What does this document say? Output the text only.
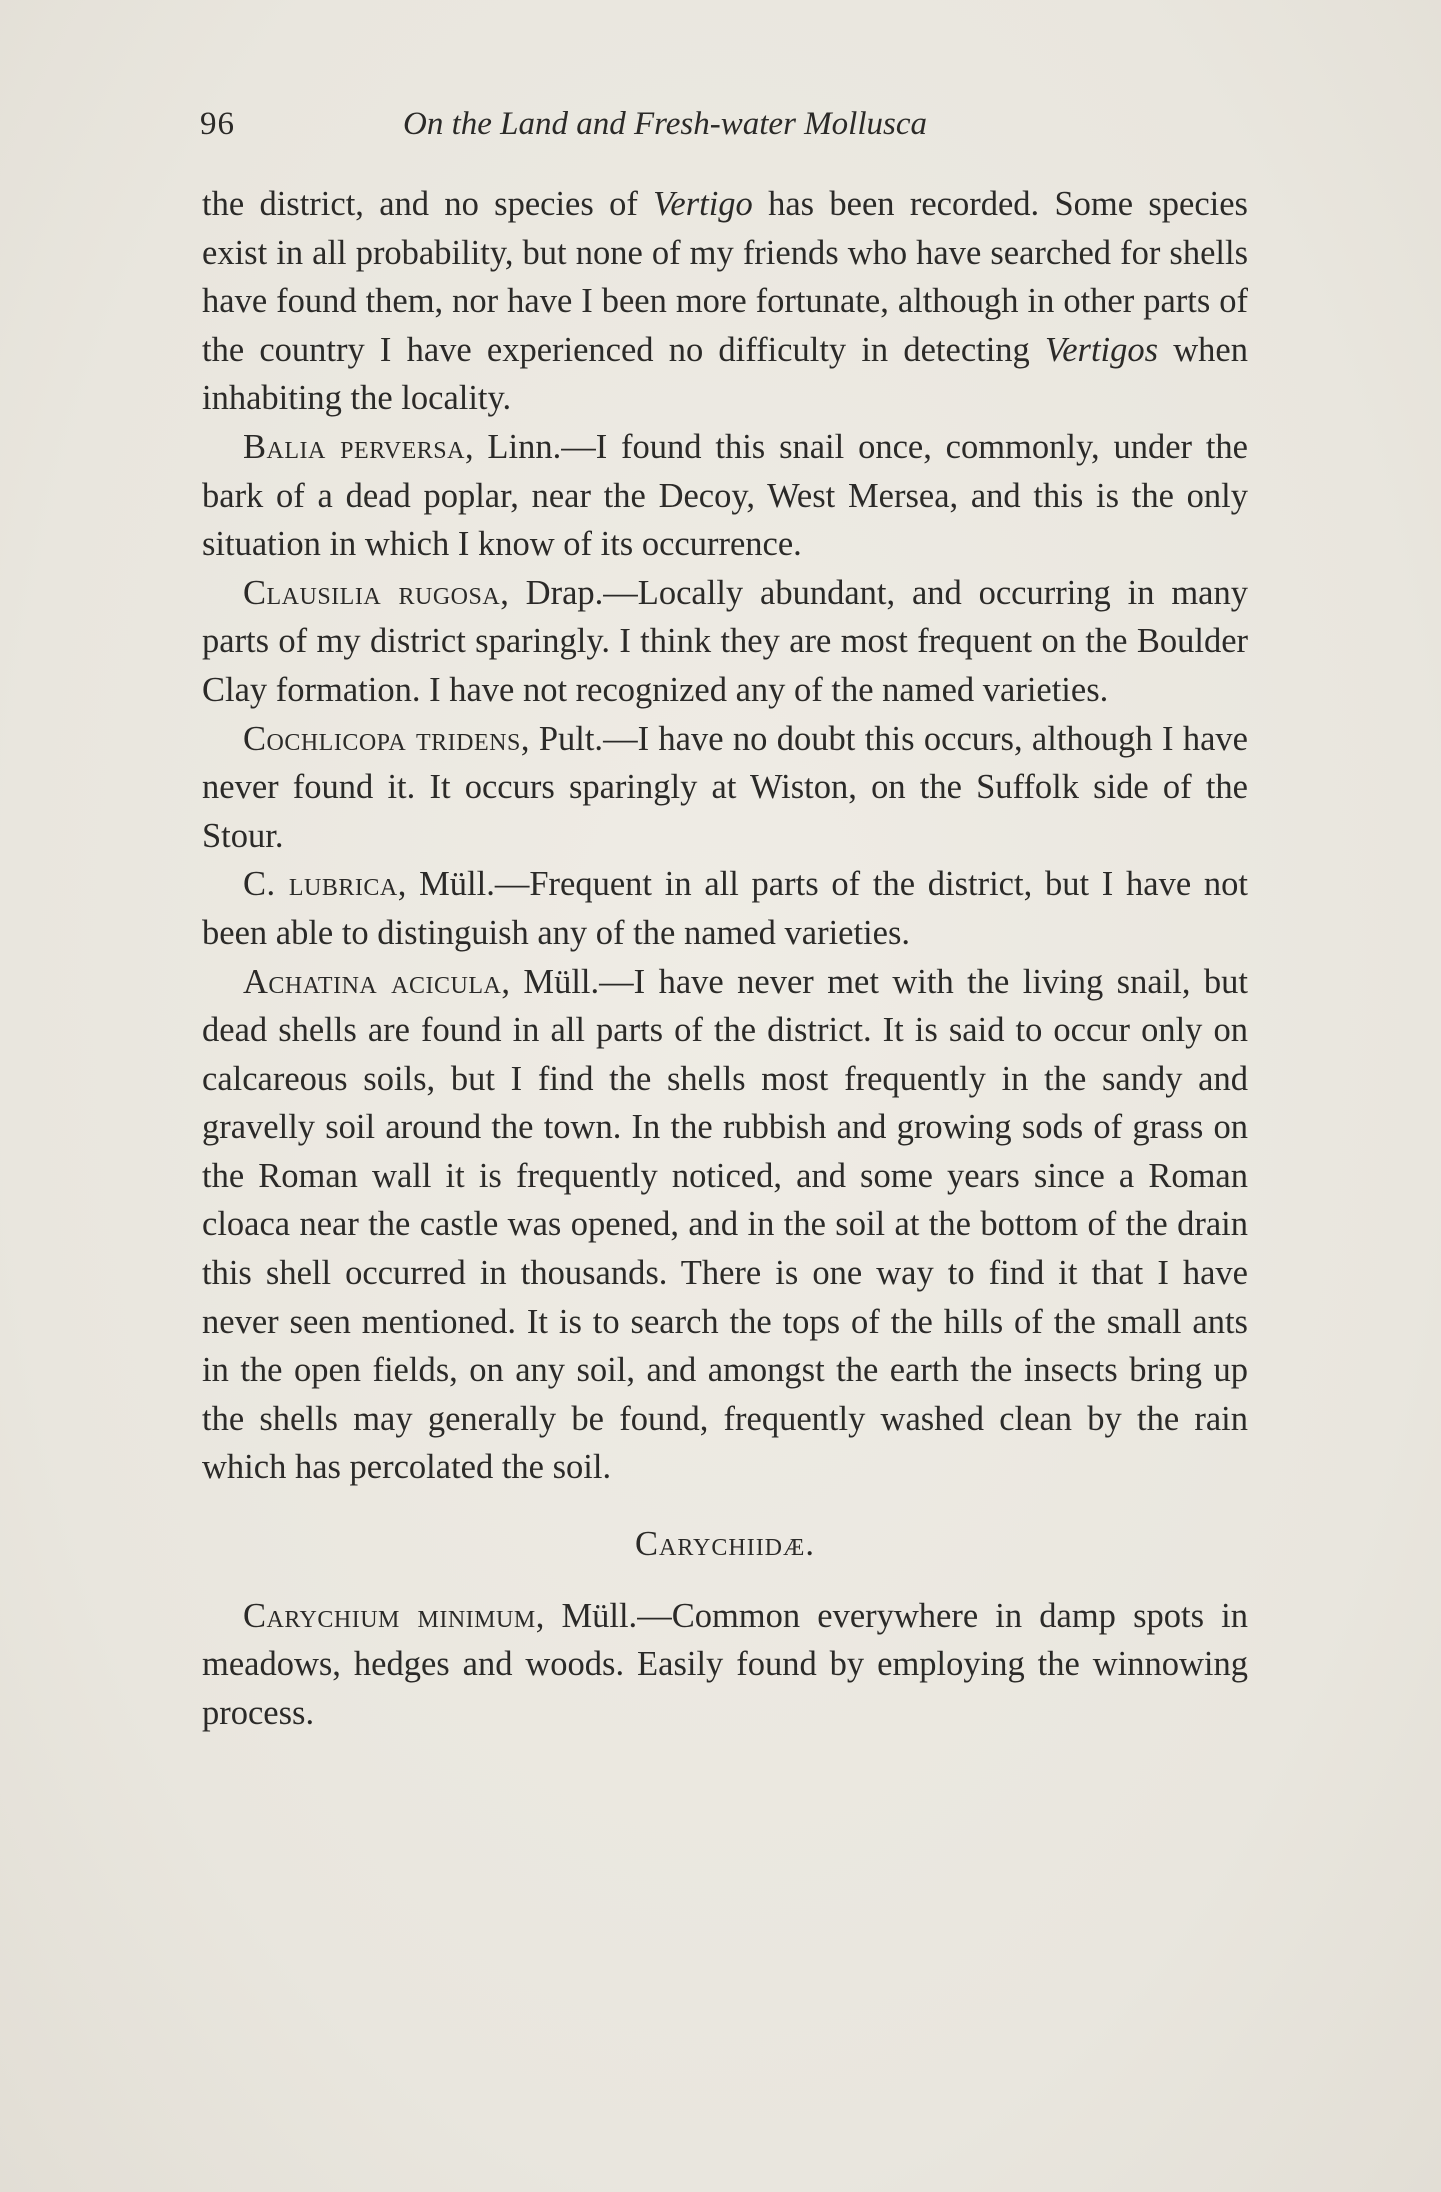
96	On the Land and Fresh-water Mollusca

the district, and no species of Vertigo has been recorded. Some species exist in all probability, but none of my friends who have searched for shells have found them, nor have I been more fortunate, although in other parts of the country I have experienced no difficulty in detecting Vertigos when inhabiting the locality.

Balia perversa, Linn.—I found this snail once, commonly, under the bark of a dead poplar, near the Decoy, West Mersea, and this is the only situation in which I know of its occurrence.

Clausilia rugosa, Drap.—Locally abundant, and occurring in many parts of my district sparingly. I think they are most frequent on the Boulder Clay formation. I have not recognized any of the named varieties.

Cochlicopa tridens, Pult.—I have no doubt this occurs, although I have never found it. It occurs sparingly at Wiston, on the Suffolk side of the Stour.

C. lubrica, Müll.—Frequent in all parts of the district, but I have not been able to distinguish any of the named varieties.

Achatina acicula, Müll.—I have never met with the living snail, but dead shells are found in all parts of the district. It is said to occur only on calcareous soils, but I find the shells most frequently in the sandy and gravelly soil around the town. In the rubbish and growing sods of grass on the Roman wall it is frequently noticed, and some years since a Roman cloaca near the castle was opened, and in the soil at the bottom of the drain this shell occurred in thousands. There is one way to find it that I have never seen mentioned. It is to search the tops of the hills of the small ants in the open fields, on any soil, and amongst the earth the insects bring up the shells may generally be found, frequently washed clean by the rain which has percolated the soil.

Carychiidæ.

Carychium minimum, Müll.—Common everywhere in damp spots in meadows, hedges and woods. Easily found by employing the winnowing process.
